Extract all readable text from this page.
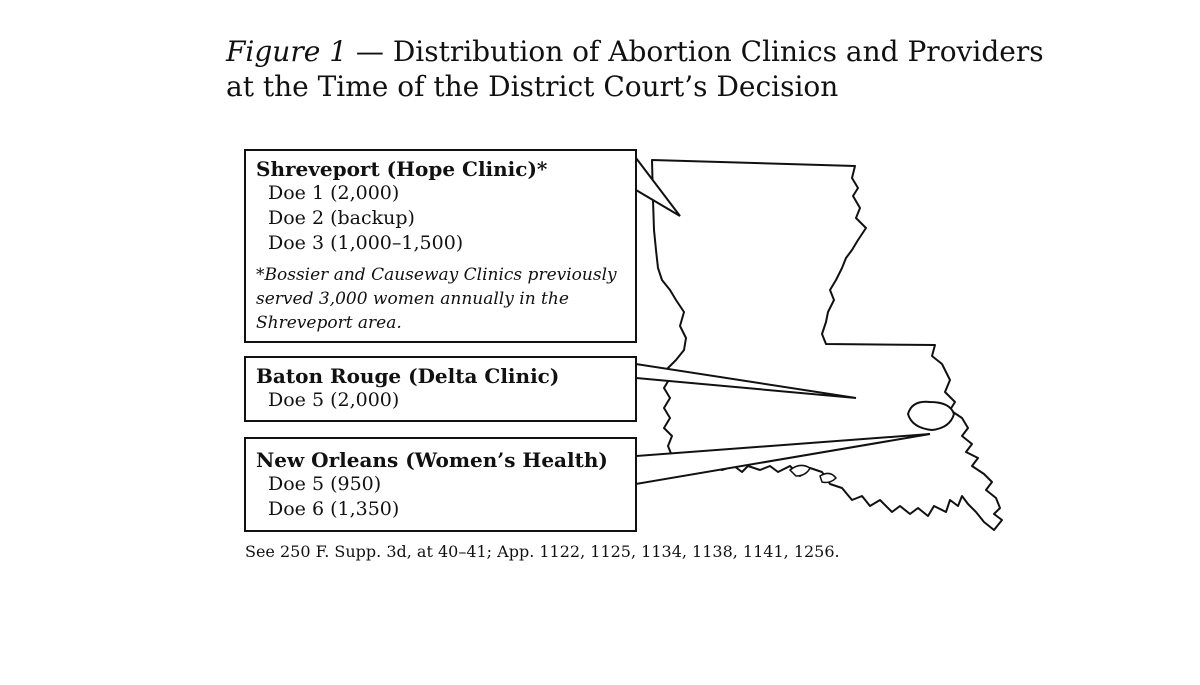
Figure 1 — Distribution of Abortion Clinics and Providers
at the Time of the District Court’s Decision
Shreveport (Hope Clinic)*
Doe 1 (2,000)
Doe 2 (backup)
Doe 3 (1,000–1,500)
*Bossier and Causeway Clinics previously served 3,000 women annually in the Shreveport area.
Baton Rouge (Delta Clinic)
Doe 5 (2,000)
New Orleans (Women’s Health)
Doe 5 (950)
Doe 6 (1,350)
See 250 F. Supp. 3d, at 40–41; App. 1122, 1125, 1134, 1138, 1141, 1256.
